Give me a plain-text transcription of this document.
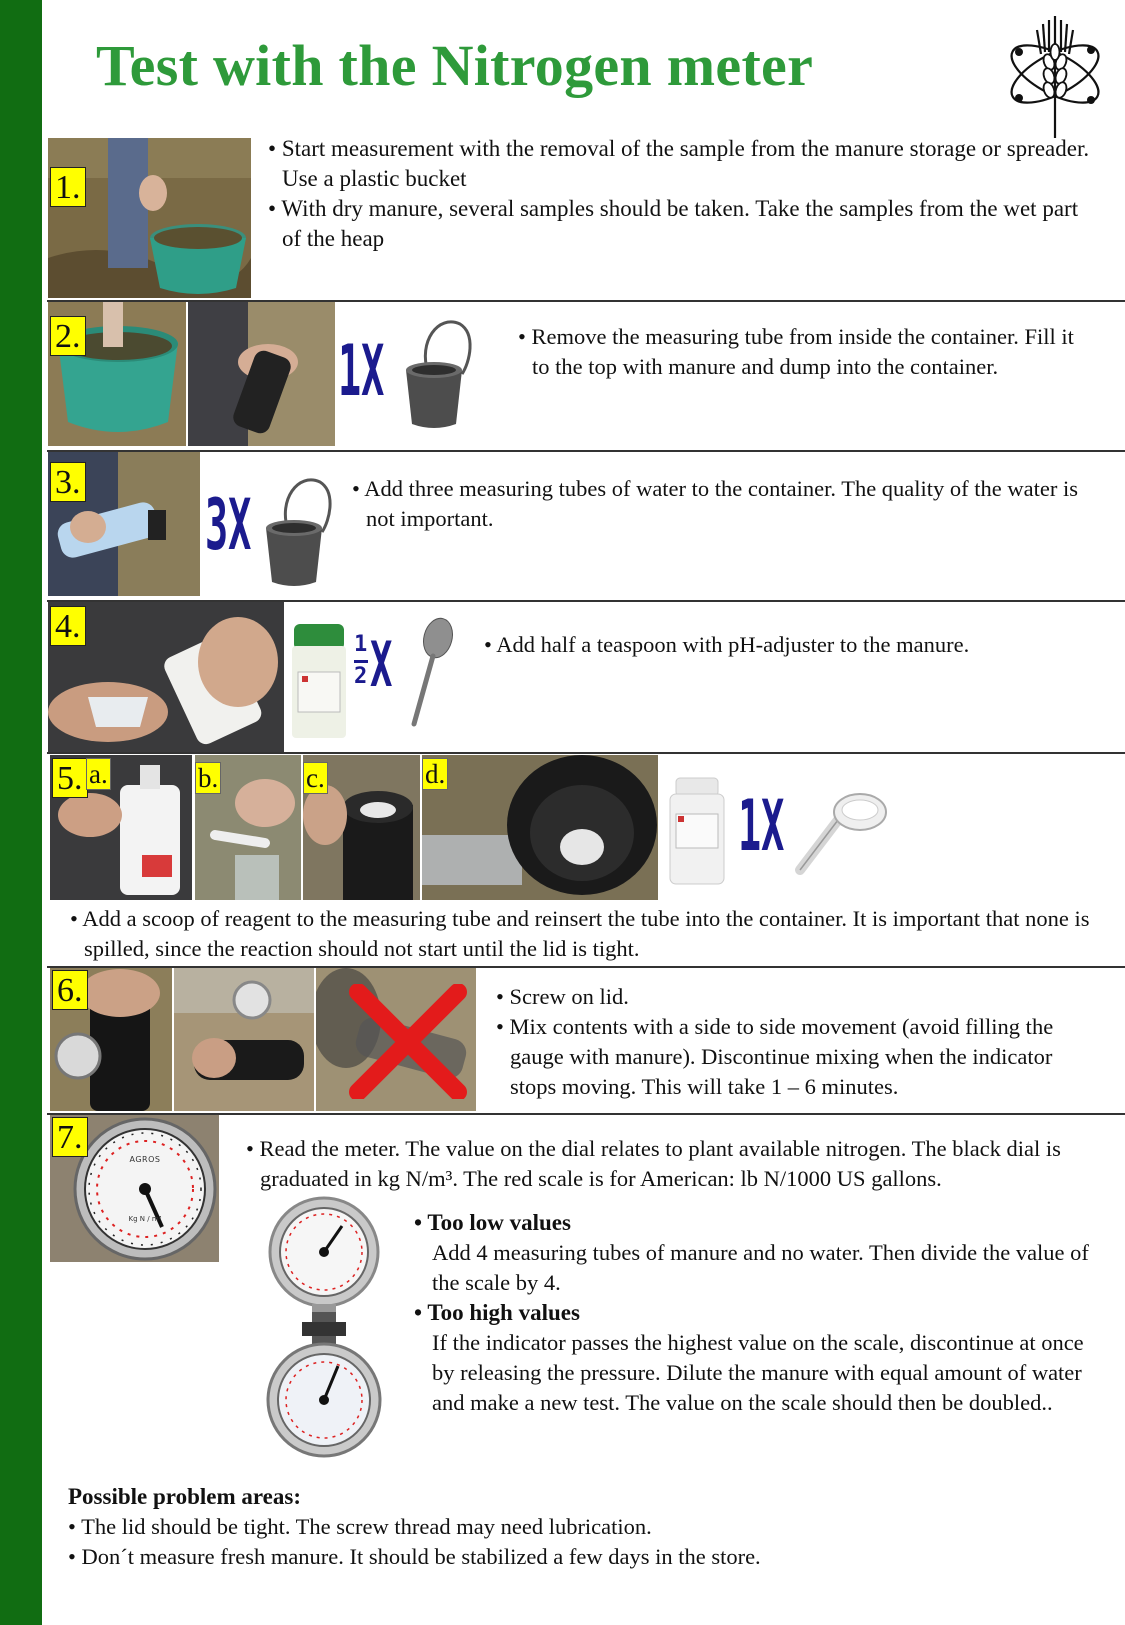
Test with the Nitrogen meter
1.

• Start measurement with the removal of the sample from the manure storage or spreader. Use a plastic bucket

• With dry manure, several samples should be taken. Take the samples from the wet part of the heap

1X	• Remove the measuring tube from inside the container. Fill it to the top with manure and dump into the container.

2.
3.
3X	• Add three measuring tubes of water to the container. The quality of the water is not important.

4.	1
2 X	• Add half a teaspoon with pH-adjuster to the manure.

5. a.	b.	c.	d.
1X

• Add a scoop of reagent to the measuring tube and reinsert the tube into the container. It is important that none is spilled, since the reaction should not start until the lid is tight.

6.	• Screw on lid.

• Mix contents with a side to side movement (avoid filling the gauge with manure). Discontinue mixing when the indicator stops moving. This will take 1 – 6 minutes.

AGROS
Kg N / m³
7.	• Read the meter. The value on the dial relates to plant available nitrogen. The black dial is graduated in kg N/m³. The red scale is for American: lb N/1000 US gallons.

• Too low values

Add 4 measuring tubes of manure and no water. Then divide the value of the scale by 4.

• Too high values

If the indicator passes the highest value on the scale, discontinue at once by releasing the pressure. Dilute the manure with equal amount of water and make a new test. The value on the scale should then be doubled..

Possible problem areas:

• The lid should be tight. The screw thread may need lubrication.

• Don´t measure fresh manure. It should be stabilized a few days in the store.
